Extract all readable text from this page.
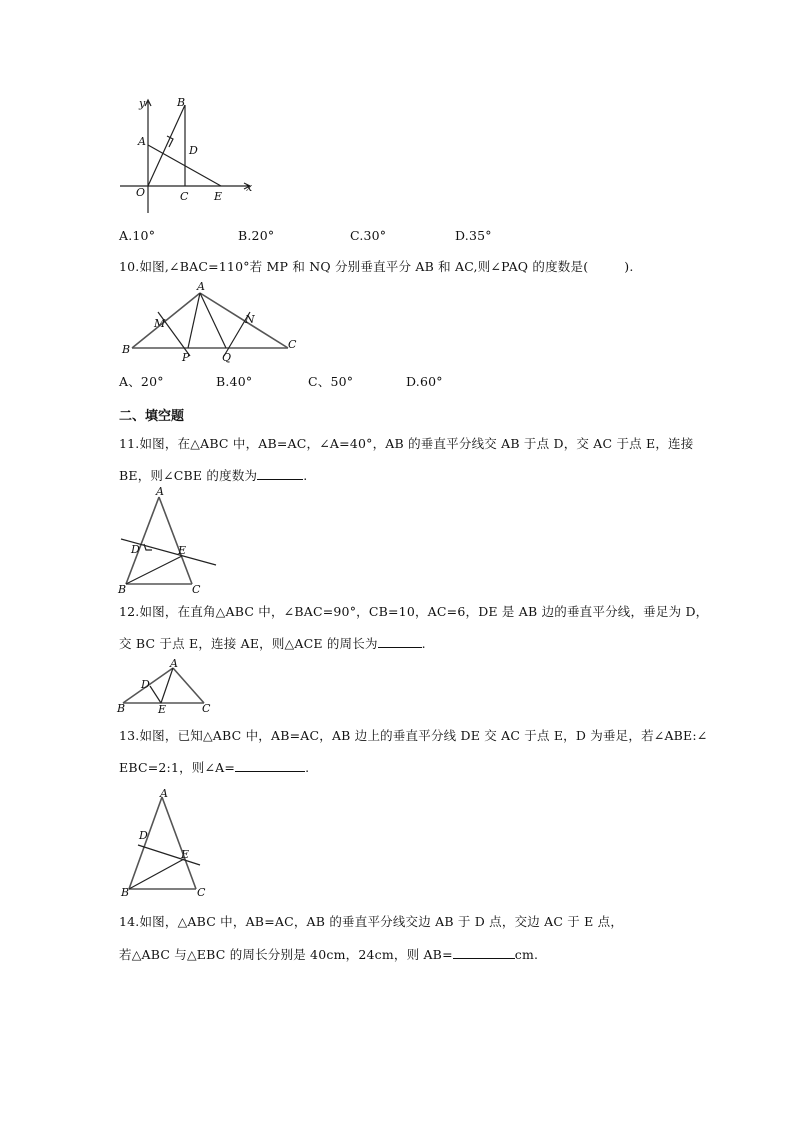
y	B
A
D
O	C E
x
A.10°	B.20°	C.30°	D.35°
10.如图,∠BAC=110°若 MP 和 NQ 分别垂直平分 AB 和 AC,则∠PAQ 的度数是(	).
A
M	N
B
P	Q
C
A、20°	B.40°	C、50°	D.60°
二、填空题
11.如图，在△ABC 中，AB=AC，∠A=40°，AB 的垂直平分线交 AB 于点 D，交 AC 于点 E，连接
BE，则∠CBE 的度数为	.
A
D	E
B	C
12.如图，在直角△ABC 中，∠BAC=90°，CB=10，AC=6，DE 是 AB 边的垂直平分线，垂足为 D，
交 BC 于点 E，连接 AE，则△ACE 的周长为	.
A
D
B	E	C
13.如图，已知△ABC 中，AB=AC，AB 边上的垂直平分线 DE 交 AC 于点 E，D 为垂足，若∠ABE:∠
EBC=2:1，则∠A=	.
A
D
E
B	C
14.如图，△ABC 中，AB=AC，AB 的垂直平分线交边 AB 于 D 点，交边 AC 于 E 点，
若△ABC 与△EBC 的周长分别是 40cm，24cm，则 AB=	cm.
